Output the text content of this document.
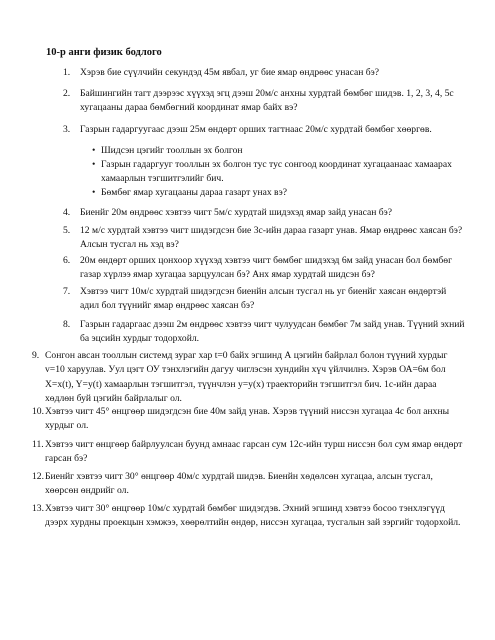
10-р анги физик бодлого
1. Хэрэв бие сүүлчийн секундэд 45м явбал, уг бие ямар өндрөөс унасан бэ?
2. Байшингийн тагт дээрээс хүүхэд эгц дээш 20м/с анхны хурдтай бөмбөг шидэв. 1, 2, 3, 4, 5с хугацааны дараа бөмбөгний координат ямар байх вэ?
3. Газрын гадаргуугаас дээш 25м өндөрт орших тагтнаас 20м/с хурдтай бөмбөг хөөргөв.
• Шидсэн цэгийг тооллын эх болгон
• Газрын гадаргууг тооллын эх болгон тус тус сонгоод координат хугацаанаас хамаарах хамаарлын тэгшитгэлийг бич.
• Бөмбөг ямар хугацааны дараа газарт унах вэ?
4. Биенйг 20м өндрөөс хэвтээ чигт 5м/с хурдтай шидэхэд ямар зайд унасан бэ?
5. 12 м/с хурдтай хэвтээ чигт шидэгдсэн бие 3с-ийн дараа газарт унав. Ямар өндрөөс хаясан бэ? Алсын тусгал нь хэд вэ?
6. 20м өндөрт орших цонхоор хүүхэд хэвтээ чигт бөмбөг шидэхэд 6м зайд унасан бол бөмбөг газар хүрлээ ямар хугацаа зарцуулсан бэ? Анх ямар хурдтай шидсэн бэ?
7. Хэвтээ чигт 10м/с хурдтай шидэгдсэн биенйн алсын тусгал нь уг биенйг хаясан өндөртэй адил бол түүнийг ямар өндрөөс хаясан бэ?
8. Газрын гадаргаас дээш 2м өндрөөс хэвтээ чигт чулуудсан бөмбөг 7м зайд унав. Түүний эхний ба эцсийн хурдыг тодорхойл.
9. Сонгон авсан тооллын системд зураг хар t=0 байх эгшинд А цэгийн байрлал болон түүний хурдыг v=10 харуулав. Уул цэгт ОУ тэнхлэгийн дагуу чиглэсэн хундийн хүч үйлчилнэ. Хэрэв ОА=6м бол X=x(t), Y=y(t) хамаарлын тэгшитгэл, түүнчлэн y=y(x) траекторийн тэгшитгэл бич. 1с-ийн дараа хөдлөн буй цэгийн байрлалыг ол.
10. Хэвтээ чигт 45° өнцгөөр шидэгдсэн бие 40м зайд унав. Хэрэв түүний ниссэн хугацаа 4с бол анхны хурдыг ол.
11. Хэвтээ чигт өнцгөөр байрлуулсан буунд амнаас гарсан сум 12с-ийн турш ниссэн бол сум ямар өндөрт гарсан бэ?
12. Биенйг хэвтээ чигт 30° өнцгөөр 40м/с хурдтай шидэв. Биенйн хөдөлсөн хугацаа, алсын тусгал, хөөрсөн өндрийг ол.
13. Хэвтээ чигт 30° өнцгөөр 10м/с хурдтай бөмбөг шидэгдэв. Эхний эгшинд хэвтээ босоо тэнхлэгүүд дээрх хурдны проекцын хэмжээ, хөөрөлтийн өндөр, ниссэн хугацаа, тусгалын зай зэргийг тодорхойл.
